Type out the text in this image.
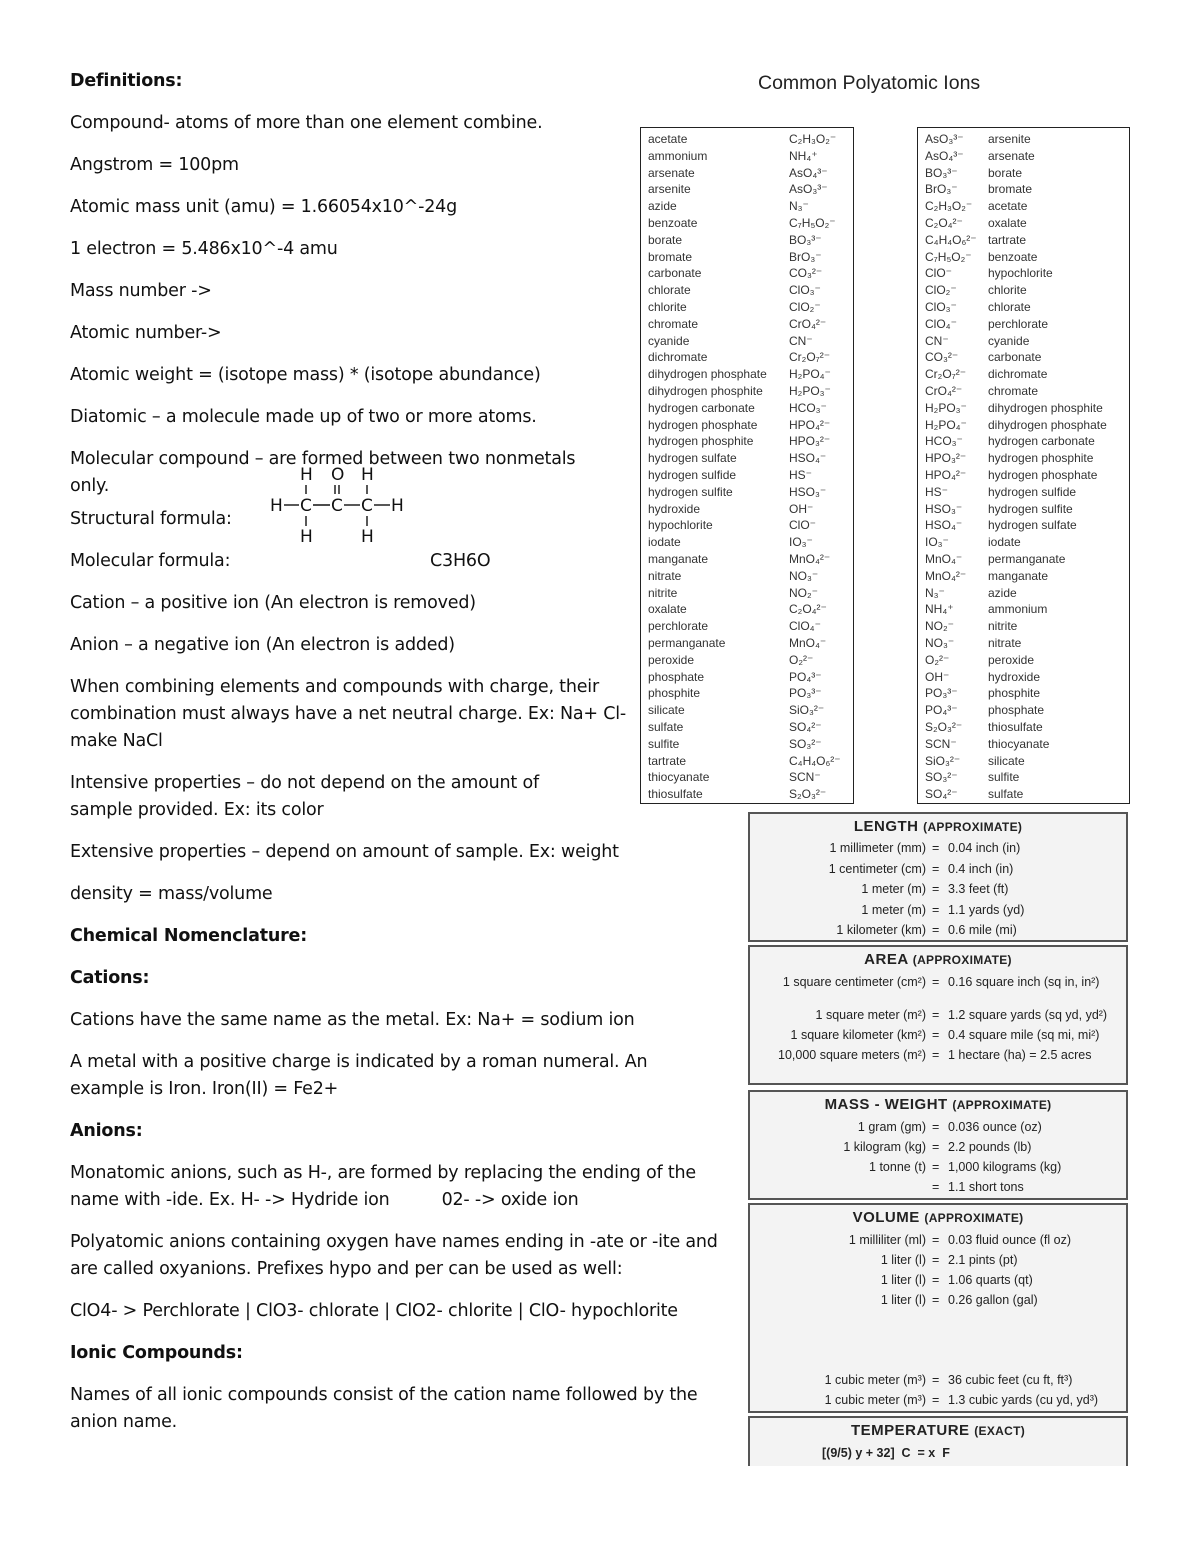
Definitions:

Compound- atoms of more than one element combine.

Angstrom = 100pm

Atomic mass unit (amu) = 1.66054x10^-24g

1 electron = 5.486x10^-4 amu

Mass number ->

Atomic number->

Atomic weight = (isotope mass) * (isotope abundance)

Diatomic – a molecule made up of two or more atoms.

Molecular compound – are formed between two nonmetals only.

Structural formula:
H O H
H C C C H
H	H

Molecular formula:	C3H6O

Cation – a positive ion (An electron is removed)

Anion – a negative ion (An electron is added)

When combining elements and compounds with charge, their combination must always have a net neutral charge. Ex: Na+ Cl- make NaCl

Intensive properties – do not depend on the amount of sample provided. Ex: its color

Extensive properties – depend on amount of sample. Ex: weight

density = mass/volume

Chemical Nomenclature:

Cations:

Cations have the same name as the metal. Ex: Na+ = sodium ion

A metal with a positive charge is indicated by a roman numeral. An example is Iron. Iron(II) = Fe2+

Anions:

Monatomic anions, such as H-, are formed by replacing the ending of the name with -ide. Ex. H- -> Hydride ion	02- -> oxide ion

Polyatomic anions containing oxygen have names ending in -ate or -ite and are called oxyanions. Prefixes hypo and per can be used as well:

ClO4- > Perchlorate | ClO3- chlorate | ClO2- chlorite | ClO- hypochlorite

Ionic Compounds:

Names of all ionic compounds consist of the cation name followed by the anion name.

Common Polyatomic Ions
acetate	C₂H₃O₂⁻
ammonium	NH₄⁺
arsenate	AsO₄³⁻
arsenite	AsO₃³⁻
azide	N₃⁻
benzoate	C₇H₅O₂⁻
borate	BO₃³⁻
bromate	BrO₃⁻
carbonate	CO₃²⁻
chlorate	ClO₃⁻
chlorite	ClO₂⁻
chromate	CrO₄²⁻
cyanide	CN⁻
dichromate	Cr₂O₇²⁻
dihydrogen phosphate H₂PO₄⁻
dihydrogen phosphite H₂PO₃⁻
hydrogen carbonate	HCO₃⁻
hydrogen phosphate	HPO₄²⁻
hydrogen phosphite	HPO₃²⁻
hydrogen sulfate	HSO₄⁻
hydrogen sulfide	HS⁻
hydrogen sulfite	HSO₃⁻
hydroxide	OH⁻
hypochlorite	ClO⁻
iodate	IO₃⁻
manganate	MnO₄²⁻
nitrate	NO₃⁻
nitrite	NO₂⁻
oxalate	C₂O₄²⁻
perchlorate	ClO₄⁻
permanganate	MnO₄⁻
peroxide	O₂²⁻
phosphate	PO₄³⁻
phosphite	PO₃³⁻
silicate	SiO₃²⁻
sulfate	SO₄²⁻
sulfite	SO₃²⁻
tartrate	C₄H₄O₆²⁻
thiocyanate	SCN⁻
thiosulfate	S₂O₃²⁻
AsO₃³⁻ arsenite
AsO₄³⁻ arsenate
BO₃³⁻	borate
BrO₃⁻	bromate
C₂H₃O₂⁻ acetate
C₂O₄²⁻ oxalate
C₄H₄O₆²⁻ tartrate
C₇H₅O₂⁻ benzoate
ClO⁻	hypochlorite
ClO₂⁻	chlorite
ClO₃⁻	chlorate
ClO₄⁻	perchlorate
CN⁻	cyanide
CO₃²⁻ carbonate
Cr₂O₇²⁻ dichromate
CrO₄²⁻ chromate
H₂PO₃⁻ dihydrogen phosphite
H₂PO₄⁻ dihydrogen phosphate
HCO₃⁻ hydrogen carbonate
HPO₃²⁻ hydrogen phosphite
HPO₄²⁻ hydrogen phosphate
HS⁻	hydrogen sulfide
HSO₃⁻ hydrogen sulfite
HSO₄⁻ hydrogen sulfate
IO₃⁻	iodate
MnO₄⁻ permanganate
MnO₄²⁻ manganate
N₃⁻	azide
NH₄⁺	ammonium
NO₂⁻	nitrite
NO₃⁻	nitrate
O₂²⁻	peroxide
OH⁻	hydroxide
PO₃³⁻	phosphite
PO₄³⁻	phosphate
S₂O₃²⁻ thiosulfate
SCN⁻	thiocyanate
SiO₃²⁻ silicate
SO₃²⁻	sulfite
SO₄²⁻	sulfate
LENGTH (APPROXIMATE)
1 millimeter (mm) = 0.04 inch (in)
1 centimeter (cm) = 0.4 inch (in)
1 meter (m) = 3.3 feet (ft)
1 meter (m) = 1.1 yards (yd)
1 kilometer (km) = 0.6 mile (mi)
AREA (APPROXIMATE)
1 square centimeter (cm²) = 0.16 square inch (sq in, in²)
1 square meter (m²) = 1.2 square yards (sq yd, yd²)
1 square kilometer (km²) = 0.4 square mile (sq mi, mi²)
10,000 square meters (m²) = 1 hectare (ha) = 2.5 acres
MASS - WEIGHT (APPROXIMATE)
1 gram (gm) = 0.036 ounce (oz)
1 kilogram (kg) = 2.2 pounds (lb)
1 tonne (t) = 1,000 kilograms (kg)
= 1.1 short tons
VOLUME (APPROXIMATE)
1 milliliter (ml) = 0.03 fluid ounce (fl oz)
1 liter (l) = 2.1 pints (pt)
1 liter (l) = 1.06 quarts (qt)
1 liter (l) = 0.26 gallon (gal)
1 cubic meter (m³) = 36 cubic feet (cu ft, ft³)
1 cubic meter (m³) = 1.3 cubic yards (cu yd, yd³)
TEMPERATURE (EXACT)
[(9/5) y + 32]  C  = x  F
